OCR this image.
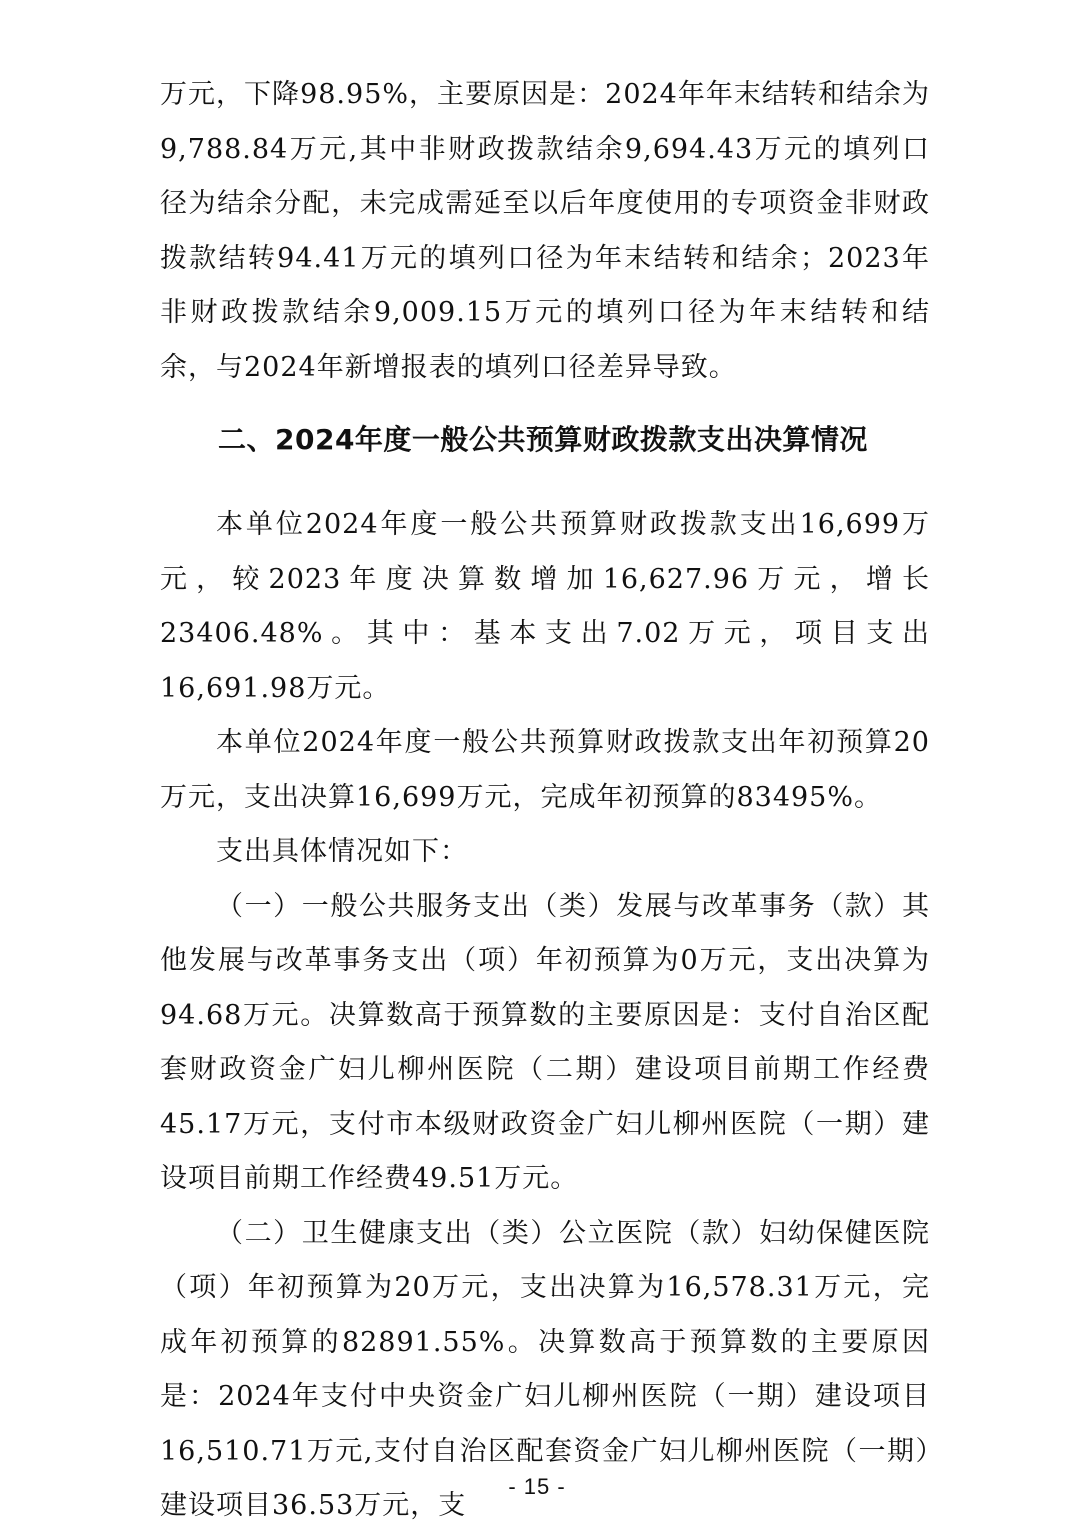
万元，下降98.95%，主要原因是：2024年年末结转和结余为9,788.84万元,其中非财政拨款结余9,694.43万元的填列口径为结余分配，未完成需延至以后年度使用的专项资金非财政拨款结转94.41万元的填列口径为年末结转和结余；2023年非财政拨款结余9,009.15万元的填列口径为年末结转和结余，与2024年新增报表的填列口径差异导致。

二、2024年度一般公共预算财政拨款支出决算情况

本单位2024年度一般公共预算财政拨款支出16,699万元，较2023年度决算数增加16,627.96万元，增长23406.48%。其中：基本支出7.02万元，项目支出16,691.98万元。

本单位2024年度一般公共预算财政拨款支出年初预算20万元，支出决算16,699万元，完成年初预算的83495%。

支出具体情况如下：

（一）一般公共服务支出（类）发展与改革事务（款）其他发展与改革事务支出（项）年初预算为0万元，支出决算为94.68万元。决算数高于预算数的主要原因是：支付自治区配套财政资金广妇儿柳州医院（二期）建设项目前期工作经费45.17万元，支付市本级财政资金广妇儿柳州医院（一期）建设项目前期工作经费49.51万元。

（二）卫生健康支出（类）公立医院（款）妇幼保健医院（项）年初预算为20万元，支出决算为16,578.31万元，完成年初预算的82891.55%。决算数高于预算数的主要原因是：2024年支付中央资金广妇儿柳州医院（一期）建设项目16,510.71万元,支付自治区配套资金广妇儿柳州医院（一期）建设项目36.53万元，支

- 15 -
